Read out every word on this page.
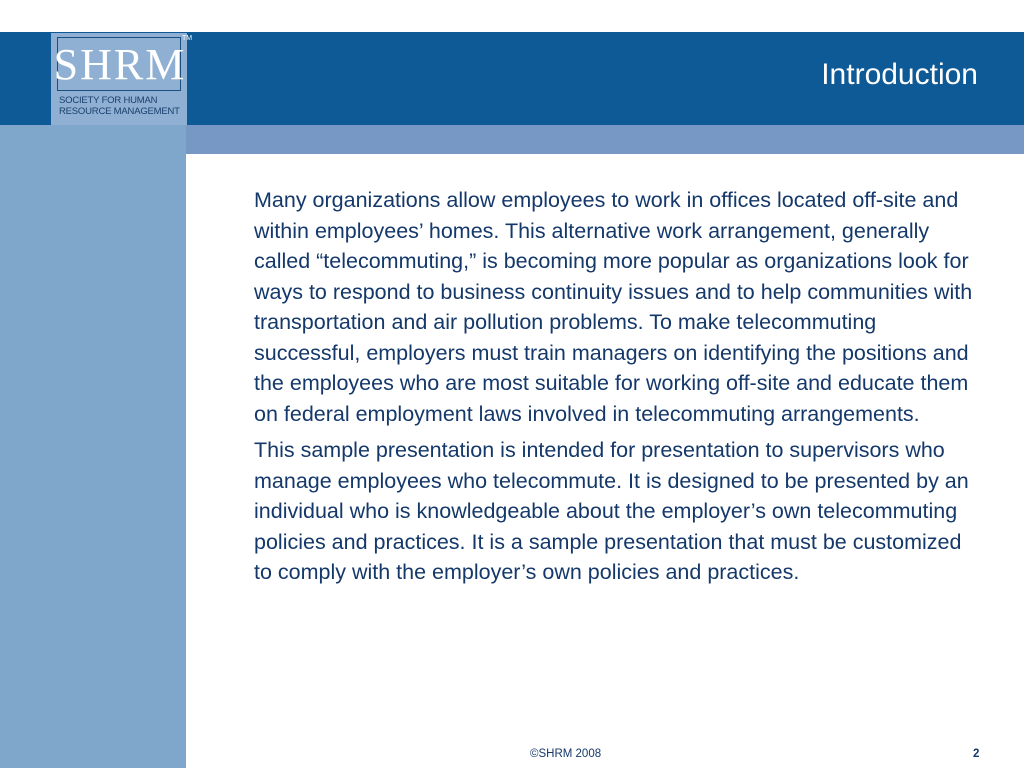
S H R M
TM
SOCIETY FOR HUMAN
RESOURCE MANAGEMENT
Introduction

Many organizations allow employees to work in offices located off-site and within employees’ homes. This alternative work arrangement, generally called “telecommuting,” is becoming more popular as organizations look for ways to respond to business continuity issues and to help communities with transportation and air pollution problems. To make telecommuting successful, employers must train managers on identifying the positions and the employees who are most suitable for working off-site and educate them on federal employment laws involved in telecommuting arrangements.

This sample presentation is intended for presentation to supervisors who manage employees who telecommute. It is designed to be presented by an individual who is knowledgeable about the employer’s own telecommuting policies and practices. It is a sample presentation that must be customized to comply with the employer’s own policies and practices.

©SHRM 2008	2
